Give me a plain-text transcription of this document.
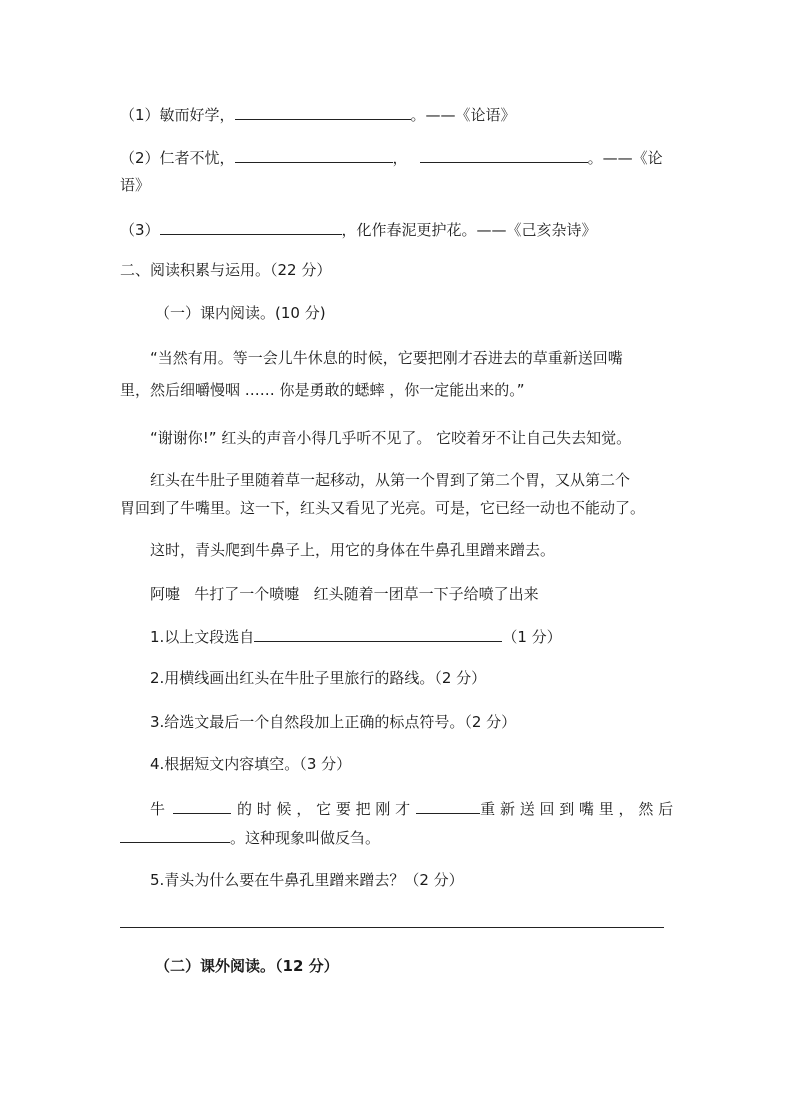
（1）敏而好学，	。——《论语》
（2）仁者不忧，	，	。——《论
语》
（3）	，化作春泥更护花。——《己亥杂诗》
二、阅读积累与运用。（22 分）
（一）课内阅读。(10 分)
“当然有用。等一会儿牛休息的时候，它要把刚才吞进去的草重新送回嘴
里，然后细嚼慢咽 …… 你是勇敢的蟋蟀 ，你一定能出来的。”
“谢谢你!” 红头的声音小得几乎听不见了。 它咬着牙不让自己失去知觉。
红头在牛肚子里随着草一起移动，从第一个胃到了第二个胃，又从第二个
胃回到了牛嘴里。这一下，红头又看见了光亮。可是，它已经一动也不能动了。
这时，青头爬到牛鼻子上，用它的身体在牛鼻孔里蹭来蹭去。
阿嚏   牛打了一个喷嚏   红头随着一团草一下子给喷了出来
1.以上文段选自	（1 分）
2.用横线画出红头在牛肚子里旅行的路线。（2 分）
3.给选文最后一个自然段加上正确的标点符号。（2 分）
4.根据短文内容填空。（3 分）
牛	的 时 候 ， 它 要 把 刚 才	重 新 送 回 到 嘴 里 ， 然 后
。这种现象叫做反刍。
5.青头为什么要在牛鼻孔里蹭来蹭去？（2 分）
（二）课外阅读。（12 分）
